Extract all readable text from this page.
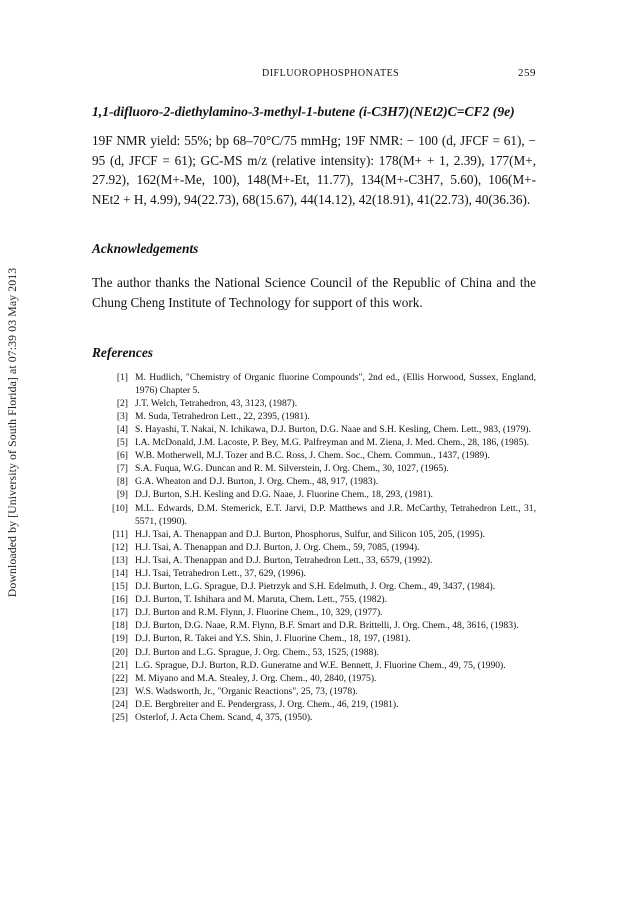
Downloaded by [University of South Florida] at 07:39 03 May 2013
DIFLUOROPHOSPHONATES	259
1,1-difluoro-2-diethylamino-3-methyl-1-butene (i-C3H7)(NEt2)C=CF2 (9e)
19F NMR yield: 55%; bp 68–70°C/75 mmHg; 19F NMR: − 100 (d, JFCF = 61), − 95 (d, JFCF = 61); GC-MS m/z (relative intensity): 178(M+ + 1, 2.39), 177(M+, 27.92), 162(M+-Me, 100), 148(M+-Et, 11.77), 134(M+-C3H7, 5.60), 106(M+-NEt2 + H, 4.99), 94(22.73), 68(15.67), 44(14.12), 42(18.91), 41(22.73), 40(36.36).
Acknowledgements
The author thanks the National Science Council of the Republic of China and the Chung Cheng Institute of Technology for support of this work.
References
[1] M. Hudlich, "Chemistry of Organic fluorine Compounds", 2nd ed., (Ellis Horwood, Sussex, England, 1976) Chapter 5.
[2] J.T. Welch, Tetrahedron, 43, 3123, (1987).
[3] M. Suda, Tetrahedron Lett., 22, 2395, (1981).
[4] S. Hayashi, T. Nakai, N. Ichikawa, D.J. Burton, D.G. Naae and S.H. Kesling, Chem. Lett., 983, (1979).
[5] I.A. McDonald, J.M. Lacoste, P. Bey, M.G. Palfreyman and M. Ziena, J. Med. Chem., 28, 186, (1985).
[6] W.B. Motherwell, M.J. Tozer and B.C. Ross, J. Chem. Soc., Chem. Commun., 1437, (1989).
[7] S.A. Fuqua, W.G. Duncan and R. M. Silverstein, J. Org. Chem., 30, 1027, (1965).
[8] G.A. Wheaton and D.J. Burton, J. Org. Chem., 48, 917, (1983).
[9] D.J. Burton, S.H. Kesling and D.G. Naae, J. Fluorine Chem., 18, 293, (1981).
[10] M.L. Edwards, D.M. Stemerick, E.T. Jarvi, D.P. Matthews and J.R. McCarthy, Tetrahedron Lett., 31, 5571, (1990).
[11] H.J. Tsai, A. Thenappan and D.J. Burton, Phosphorus, Sulfur, and Silicon 105, 205, (1995).
[12] H.J. Tsai, A. Thenappan and D.J. Burton, J. Org. Chem., 59, 7085, (1994).
[13] H.J. Tsai, A. Thenappan and D.J. Burton, Tetrahedron Lett., 33, 6579, (1992).
[14] H.J. Tsai, Tetrahedron Lett., 37, 629, (1996).
[15] D.J. Burton, L.G. Sprague, D.J. Pietrzyk and S.H. Edelmuth, J. Org. Chem., 49, 3437, (1984).
[16] D.J. Burton, T. Ishihara and M. Maruta, Chem. Lett., 755, (1982).
[17] D.J. Burton and R.M. Flynn, J. Fluorine Chem., 10, 329, (1977).
[18] D.J. Burton, D.G. Naae, R.M. Flynn, B.F. Smart and D.R. Brittelli, J. Org. Chem., 48, 3616, (1983).
[19] D.J. Burton, R. Takei and Y.S. Shin, J. Fluorine Chem., 18, 197, (1981).
[20] D.J. Burton and L.G. Sprague, J. Org. Chem., 53, 1525, (1988).
[21] L.G. Sprague, D.J. Burton, R.D. Guneratne and W.E. Bennett, J. Fluorine Chem., 49, 75, (1990).
[22] M. Miyano and M.A. Stealey, J. Org. Chem., 40, 2840, (1975).
[23] W.S. Wadsworth, Jr., "Organic Reactions", 25, 73, (1978).
[24] D.E. Bergbreiter and E. Pendergrass, J. Org. Chem., 46, 219, (1981).
[25] Osterlof, J. Acta Chem. Scand, 4, 375, (1950).
